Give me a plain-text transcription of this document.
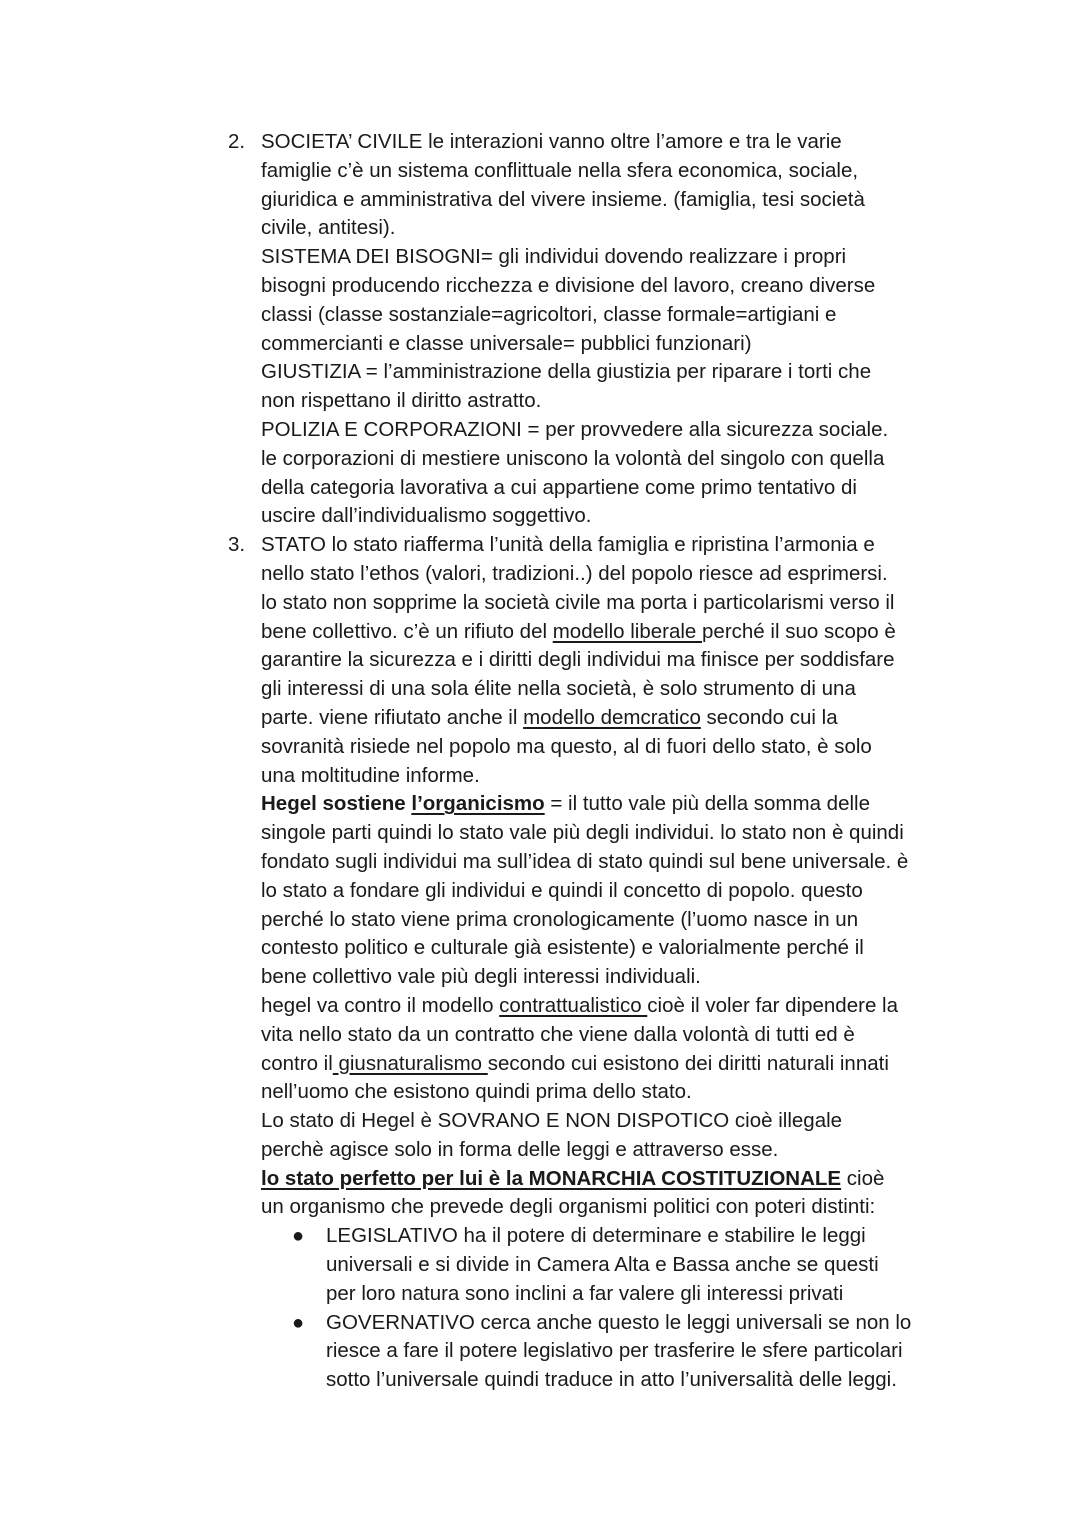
2. SOCIETA’ CIVILE le interazioni vanno oltre l’amore e tra le varie
famiglie c’è un sistema conflittuale nella sfera economica, sociale,
giuridica e amministrativa del vivere insieme. (famiglia, tesi società
civile, antitesi).
SISTEMA DEI BISOGNI= gli individui dovendo realizzare i propri
bisogni producendo ricchezza e divisione del lavoro, creano diverse
classi (classe sostanziale=agricoltori, classe formale=artigiani e
commercianti e classe universale= pubblici funzionari)
GIUSTIZIA = l’amministrazione della giustizia per riparare i torti che
non rispettano il diritto astratto.
POLIZIA E CORPORAZIONI = per provvedere alla sicurezza sociale.
le corporazioni di mestiere uniscono la volontà del singolo con quella
della categoria lavorativa a cui appartiene come primo tentativo di
uscire dall’individualismo soggettivo.
3. STATO lo stato riafferma l’unità della famiglia e ripristina l’armonia e
nello stato l’ethos (valori, tradizioni..) del popolo riesce ad esprimersi.
lo stato non sopprime la società civile ma porta i particolarismi verso il
bene collettivo. c’è un rifiuto del modello liberale perché il suo scopo è
garantire la sicurezza e i diritti degli individui ma finisce per soddisfare
gli interessi di una sola élite nella società, è solo strumento di una
parte. viene rifiutato anche il modello demcratico secondo cui la
sovranità risiede nel popolo ma questo, al di fuori dello stato, è solo
una moltitudine informe.
Hegel sostiene l’organicismo = il tutto vale più della somma delle
singole parti quindi lo stato vale più degli individui. lo stato non è quindi
fondato sugli individui ma sull’idea di stato quindi sul bene universale. è
lo stato a fondare gli individui e quindi il concetto di popolo. questo
perché lo stato viene prima cronologicamente (l’uomo nasce in un
contesto politico e culturale già esistente) e valorialmente perché il
bene collettivo vale più degli interessi individuali.
hegel va contro il modello contrattualistico cioè il voler far dipendere la
vita nello stato da un contratto che viene dalla volontà di tutti ed è
contro il giusnaturalismo secondo cui esistono dei diritti naturali innati
nell’uomo che esistono quindi prima dello stato.
Lo stato di Hegel è SOVRANO E NON DISPOTICO cioè illegale
perchè agisce solo in forma delle leggi e attraverso esse.
lo stato perfetto per lui è la MONARCHIA COSTITUZIONALE cioè
un organismo che prevede degli organismi politici con poteri distinti:
● LEGISLATIVO ha il potere di determinare e stabilire le leggi
universali e si divide in Camera Alta e Bassa anche se questi
per loro natura sono inclini a far valere gli interessi privati
● GOVERNATIVO cerca anche questo le leggi universali se non lo
riesce a fare il potere legislativo per trasferire le sfere particolari
sotto l’universale quindi traduce in atto l’universalità delle leggi.
